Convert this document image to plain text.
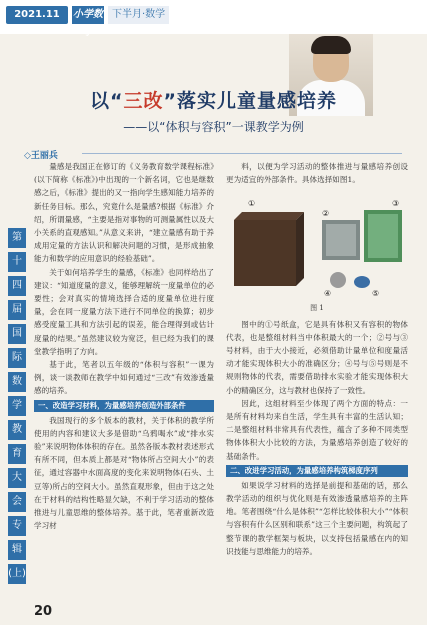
2021.11	小学数学
下半月·数学
以“三改”落实儿童量感培养
——以“体积与容积”一课教学为例
◇王丽兵
第
十
四
届
国
际
数
学
教
育
大
会
专
辑
(上)

量感是我国正在修订的《义务教育数学课程标准》(以下简称《标准》)中出现的一个新名词，它也是继数感之后，《标准》提出的又一指向学生感知能力培养的新任务目标。那么，究竟什么是量感?根据《标准》介绍，所谓量感，“主要是指对事物的可测量属性以及大小关系的直观感知。”从意义来讲，“建立量感有助于养成用定量的方法认识和解决问题的习惯，是形成抽象能力和数学的应用意识的经验基础”。

关于如何培养学生的量感，《标准》也同样给出了建议：“知道度量的意义，能够理解统一度量单位的必要性；会对真实的情境选择合适的度量单位进行度量，会在同一度量方法下进行不同单位的换算；初步感受度量工具和方法引起的误差，能合理得到或估计度量的结果。”虽然建议较为宽泛，但已经为我们的课堂教学指明了方向。

基于此，笔者以五年级的“体积与容积”一课为例，谈一谈教师在教学中如何通过“三改”有效渗透量感的培养。

一、改造学习材料，为量感培养创造外部条件

我国现行的多个版本的教材，关于体积的教学所使用的内容和建议大多是借助“乌鸦喝水”或“排水实验”来说明物体体积的存在。虽然各版本教材表述形式有所不同，但本质上都是对“物体所占空间大小”的表征，通过容器中水面高度的变化来说明物体(石头、土豆等)所占的空间大小。虽然直观形象，但由于这之处在于材料的结构性略显欠缺，不利于学习活动的整体推进与儿童思维的整体培养。基于此，笔者重新改造学习材

料，以便为学习活动的整体推进与量感培养创设更为适宜的外部条件。具体选择如图1。

①
②
③
④	⑤
图 1

图中的①号纸盒，它是具有体积又有容积的物体代表，也是整组材料当中体积最大的一个；②号与③号材料，由于大小接近，必须借助计量单位和度量活动才能实现体积大小的准确区分；④号与⑤号则是不规则物体的代表，需要借助排水实验才能实现体积大小的精确区分，这与教材也保持了一致性。

因此，这组材料至少体现了两个方面的特点：一是所有材料均来自生活，学生具有丰富的生活认知；二是整组材料非常具有代表性，蕴含了多种不同类型物体体积大小比较的方法，为量感培养创造了较好的基础条件。

二、改进学习活动，为量感培养构筑梯度序列

如果说学习材料的选择是前提和基础的话，那么教学活动的组织与优化则是有效渗透量感培养的主阵地。笔者围绕“什么是体积”“怎样比较体积大小”“体积与容积有什么区别和联系”这三个主要问题，构筑起了整节课的教学框架与板块，以支持包括量感在内的知识技能与思维能力的培养。

20
